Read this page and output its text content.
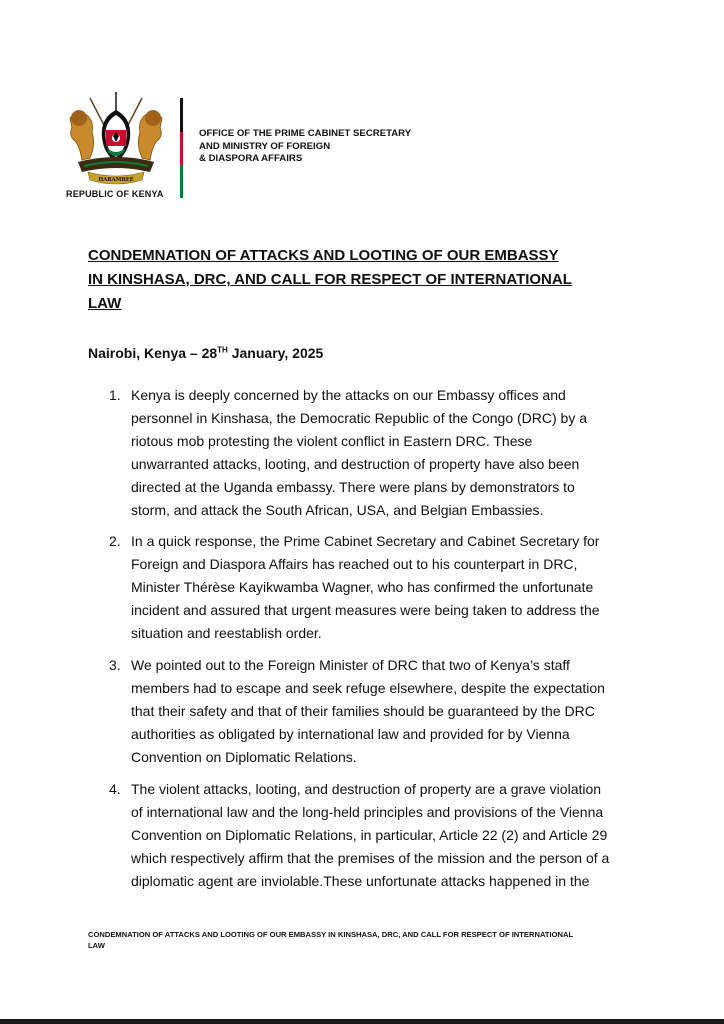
HARAMBEE
REPUBLIC OF KENYA
OFFICE OF THE PRIME CABINET SECRETARY
AND MINISTRY OF FOREIGN
& DIASPORA AFFAIRS
CONDEMNATION OF ATTACKS AND LOOTING OF OUR EMBASSY
IN KINSHASA, DRC, AND CALL FOR RESPECT OF INTERNATIONAL
LAW
Nairobi, Kenya – 28TH January, 2025
1. Kenya is deeply concerned by the attacks on our Embassy offices and
personnel in Kinshasa, the Democratic Republic of the Congo (DRC) by a
riotous mob protesting the violent conflict in Eastern DRC. These
unwarranted attacks, looting, and destruction of property have also been
directed at the Uganda embassy. There were plans by demonstrators to
storm, and attack the South African, USA, and Belgian Embassies.
2. In a quick response, the Prime Cabinet Secretary and Cabinet Secretary for
Foreign and Diaspora Affairs has reached out to his counterpart in DRC,
Minister Thérèse Kayikwamba Wagner, who has confirmed the unfortunate
incident and assured that urgent measures were being taken to address the
situation and reestablish order.
3. We pointed out to the Foreign Minister of DRC that two of Kenya’s staff
members had to escape and seek refuge elsewhere, despite the expectation
that their safety and that of their families should be guaranteed by the DRC
authorities as obligated by international law and provided for by Vienna
Convention on Diplomatic Relations.
4. The violent attacks, looting, and destruction of property are a grave violation
of international law and the long-held principles and provisions of the Vienna
Convention on Diplomatic Relations, in particular, Article 22 (2) and Article 29
which respectively affirm that the premises of the mission and the person of a
diplomatic agent are inviolable.These unfortunate attacks happened in the
CONDEMNATION OF ATTACKS AND LOOTING OF OUR EMBASSY IN KINSHASA, DRC, AND CALL FOR RESPECT OF INTERNATIONAL
LAW
